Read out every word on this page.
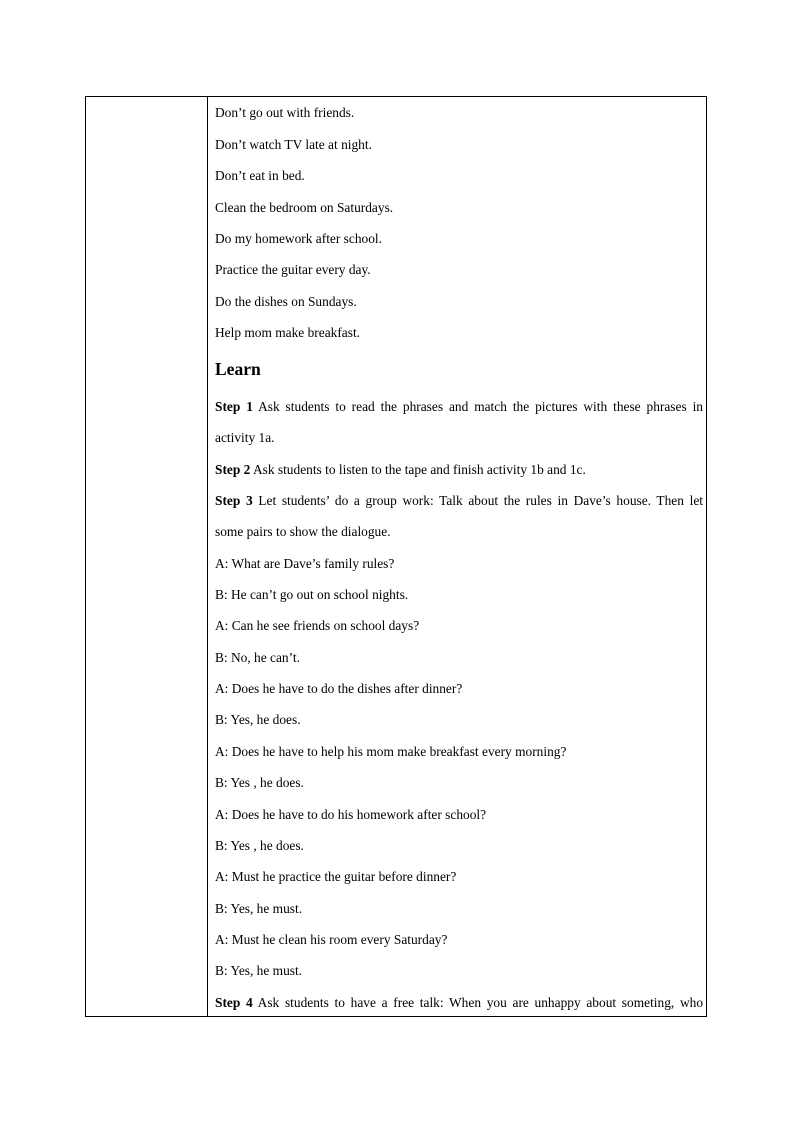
Don’t go out with friends.
Don’t watch TV late at night.
Don’t eat in bed.
Clean the bedroom on Saturdays.
Do my homework after school.
Practice the guitar every day.
Do the dishes on Sundays.
Help mom make breakfast.
Learn
Step 1 Ask students to read the phrases and match the pictures with these phrases in
activity 1a.
Step 2 Ask students to listen to the tape and finish activity 1b and 1c.
Step 3 Let students’ do a group work: Talk about the rules in Dave’s house. Then let
some pairs to show the dialogue.
A: What are Dave’s family rules?
B: He can’t go out on school nights.
A: Can he see friends on school days?
B: No, he can’t.
A: Does he have to do the dishes after dinner?
B: Yes, he does.
A: Does he have to help his mom make breakfast every morning?
B: Yes , he does.
A: Does he have to do his homework after school?
B: Yes , he does.
A: Must he practice the guitar before dinner?
B: Yes, he must.
A: Must he clean his room every Saturday?
B: Yes, he must.
Step 4 Ask students to have a free talk: When you are unhappy about someting, who
